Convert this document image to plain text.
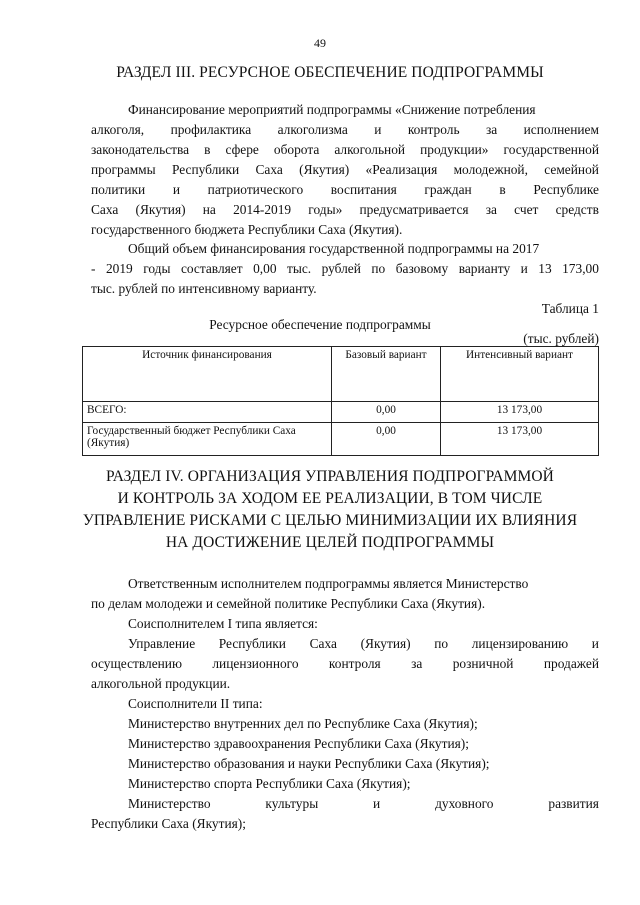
49
РАЗДЕЛ III. РЕСУРСНОЕ ОБЕСПЕЧЕНИЕ ПОДПРОГРАММЫ
Финансирование мероприятий подпрограммы «Снижение потребления
алкоголя, профилактика алкоголизма и контроль за исполнением
законодательства в сфере оборота алкогольной продукции» государственной
программы Республики Саха (Якутия) «Реализация молодежной, семейной
политики и патриотического воспитания граждан в Республике
Саха (Якутия) на 2014-2019 годы» предусматривается за счет средств
государственного бюджета Республики Саха (Якутия).
Общий объем финансирования государственной подпрограммы на 2017
- 2019 годы составляет 0,00 тыс. рублей по базовому варианту и 13 173,00
тыс. рублей по интенсивному варианту.
Таблица 1
Ресурсное обеспечение подпрограммы
(тыс. рублей)
Источник финансирования	Базовый вариант	Интенсивный вариант
ВСЕГО:	0,00	13 173,00
Государственный бюджет Республики Саха (Якутия)	0,00	13 173,00
РАЗДЕЛ IV. ОРГАНИЗАЦИЯ УПРАВЛЕНИЯ ПОДПРОГРАММОЙ
И КОНТРОЛЬ ЗА ХОДОМ ЕЕ РЕАЛИЗАЦИИ, В ТОМ ЧИСЛЕ
УПРАВЛЕНИЕ РИСКАМИ С ЦЕЛЬЮ МИНИМИЗАЦИИ ИХ ВЛИЯНИЯ
НА ДОСТИЖЕНИЕ ЦЕЛЕЙ ПОДПРОГРАММЫ
Ответственным исполнителем подпрограммы является Министерство
по делам молодежи и семейной политике Республики Саха (Якутия).
Соисполнителем I типа является:
Управление Республики Саха (Якутия) по лицензированию и
осуществлению лицензионного контроля за розничной продажей
алкогольной продукции.
Соисполнители II типа:
Министерство внутренних дел по Республике Саха (Якутия);
Министерство здравоохранения Республики Саха (Якутия);
Министерство образования и науки Республики Саха (Якутия);
Министерство спорта Республики Саха (Якутия);
Министерство	культуры	и	духовного	развития
Республики Саха (Якутия);
